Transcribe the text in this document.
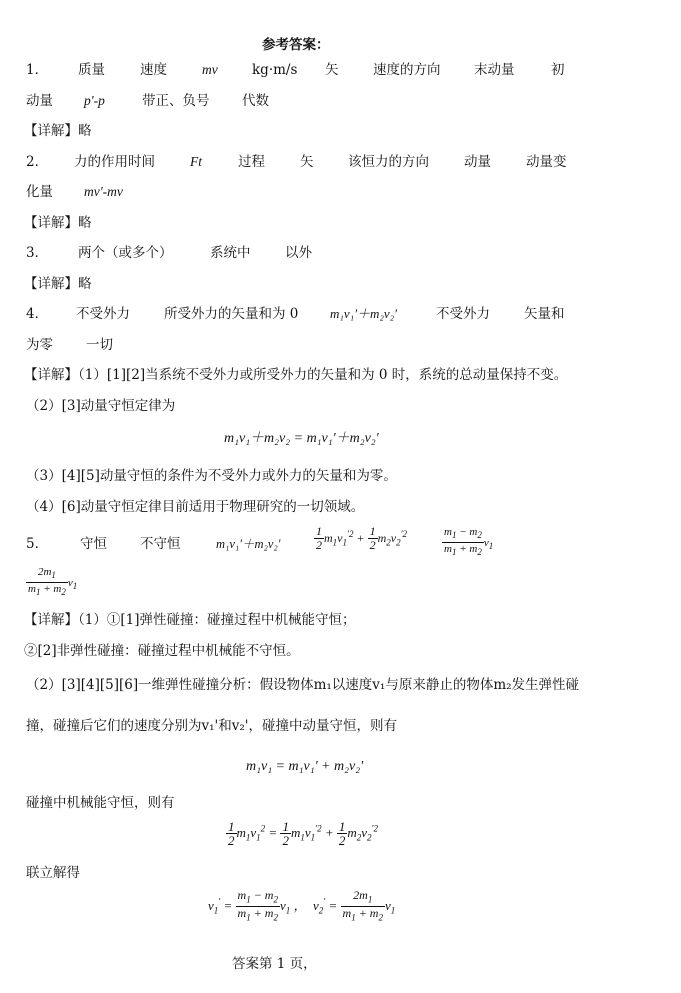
参考答案：
1． 质量	速度	mv	kg·m/s 矢	速度的方向 末动量	初
动量 p'-p	带正、负号 代数
【详解】略
2． 力的作用时间	Ft	过程	矢	该恒力的方向	动量	动量变
化量 mv'-mv
【详解】略
3． 两个（或多个）	系统中	以外
【详解】略
4． 不受外力	所受外力的矢量和为 0 m₁v₁'＋m₂v₂'	不受外力	矢量和
为零 一切
【详解】（1）[1][2]当系统不受外力或所受外力的矢量和为 0 时，系统的总动量保持不变。
（2）[3]动量守恒定律为
m₁v₁＋m₂v₂ = m₁v₁'＋m₂v₂'
（3）[4][5]动量守恒的条件为不受外力或外力的矢量和为零。
（4）[6]动量守恒定律目前适用于物理研究的一切领域。
5． 守恒 不守恒	m₁v₁'＋m₂v₂'	$\frac{1}{2} m_1v_1^{'2} + \frac{1}{2} m_2v_2^{'2}$	$\frac{m_1 - m_2}{m_1 + m_2} v_1$
$\frac{2m_1}{m_1 + m_2} v_1$
【详解】（1）①[1]弹性碰撞：碰撞过程中机械能守恒；
②[2]非弹性碰撞：碰撞过程中机械能不守恒。
（2）[3][4][5][6]一维弹性碰撞分析：假设物体m₁以速度v₁与原来静止的物体m₂发生弹性碰
撞，碰撞后它们的速度分别为v₁'和v₂'，碰撞中动量守恒，则有
m₁v₁ = m₁v₁' + m₂v₂'
碰撞中机械能守恒，则有
$\frac{1}{2} m_1v_1^2 = \frac{1}{2} m_1v_1^{'2} + \frac{1}{2} m_2v_2^{'2}$
联立解得
$v_1' = \frac{m_1 - m_2}{m_1 + m_2} v_1$ ，  $v_2' = \frac{2m_1}{m_1 + m_2} v_1$
答案第 1 页，
